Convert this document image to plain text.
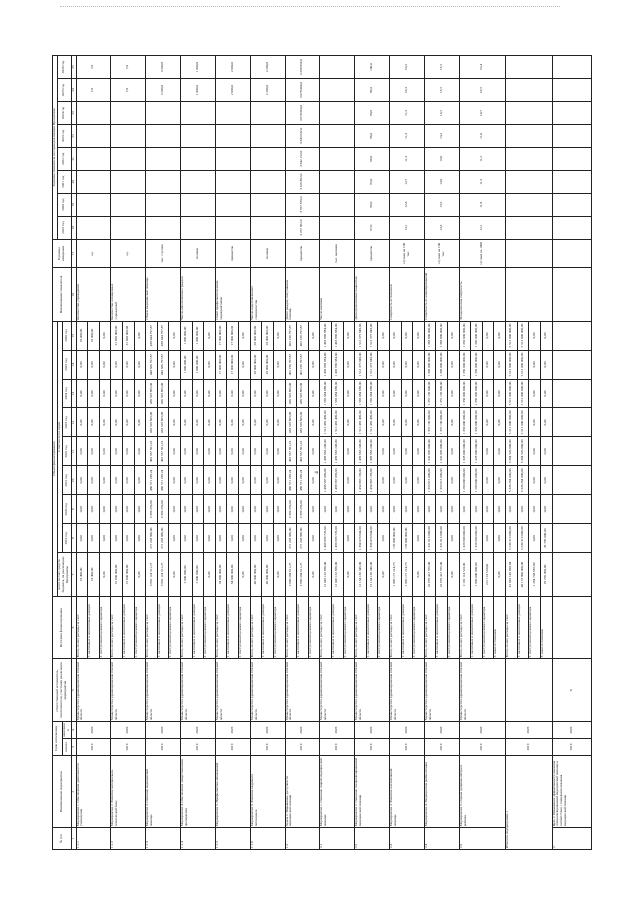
4
№ п/п	Наименование мероприятия	Срок исполнения		Ответственный исполнитель, соисполнители, участники реализации мероприятия	Источник финансирования	Объем финансирования									Наименование показателя	Единица измерения	Значение показателя по годам реализации Программы							
						всего за счет средств бюджета, на реализацию Программы	в том числе по годам										2019 год	2020 год	2021 год	2022 год	2023 год	2024 год	2025 год	2026 год
		начала	окончания				2019 год	2020 год	2021 год	2022 год	2023 год	2024 год	2025 год	2026 год										
1	2	3	4	5	6	7	8	9	10	11	12	13	14	15	16	17	18	19	20	21	22	23	24	25
1.1.1	Мероприятие 1. Обеспечение деятельности учреждения	2019	2026	Министерство здравоохранения Омской области	Всего, из них расходы за счет:	18 400,00	0,00	0,00	0,00	0,00	0,00	0,00	0,00	18 400,00	Количество учреждений	ед.							7,0	7,0
					1. налоговых и неналоговых доходов	18 400,00	0,00	0,00	0,00	0,00	0,00	0,00	0,00	18 400,00										
					2. поступлений целевого характера	0,00	0,00	0,00	0,00	0,00	0,00	0,00	0,00	0,00										
1.1.2	Мероприятие 2. Развитие материально-технической базы	2019	2026	Министерство здравоохранения Омской области	Всего, из них расходы за счет:	31 600 000,00	0,00	0,00	0,00	0,00	0,00	0,00	0,00	31 600 000,00	Количество оснащенных учреждений	ед.							7,0	7,0
					1. налоговых и неналоговых доходов	31 600 000,00	0,00	0,00	0,00	0,00	0,00	0,00	0,00	31 600 000,00										
					2. поступлений целевого характера	0,00	0,00	0,00	0,00	0,00	0,00	0,00	0,00	0,00										
1.1.3	Мероприятие 3. Оказание медицинской помощи	2019	2026	Министерство здравоохранения Омской области	Всего, из них расходы за счет:	3 992 124 511,27	271 203 886,00	3 399 256,00	486 571 298,24	483 537 851,23	439 529 865,08	439 529 865,08	440 566 797,87	438 444 797,87	Объем медицинской помощи	тыс. случаев							3 500,0	3 500,0
					1. налоговых и неналоговых доходов	3 992 124 511,27	271 203 886,00	3 399 256,00	486 571 298,24	483 537 851,23	439 529 865,08	439 529 865,08	440 566 797,87	438 444 797,87										
					2. поступлений целевого характера	0,00	0,00	0,00	0,00	0,00	0,00	0,00	0,00	0,00										
1.1.4	Мероприятие 4. Обеспечение лекарственными препаратами	2019	2026	Министерство здравоохранения Омской области	Всего, из них расходы за счет:	2 000 000,00	0,00	0,00	0,00	0,00	0,00	0,00	1 000 000,00	1 000 000,00	Число обеспеченных граждан	человек							1 000,0	1 000,0
					1. налоговых и неналоговых доходов	2 000 000,00	0,00	0,00	0,00	0,00	0,00	0,00	1 000 000,00	1 000 000,00										
					2. поступлений целевого характера	0,00	0,00	0,00	0,00	0,00	0,00	0,00	0,00	0,00										
1.1.5	Мероприятие 5. Профилактика заболеваний	2019	2026	Министерство здравоохранения Омской области	Всего, из них расходы за счет:	34 000 000,00	0,00	0,00	0,00	0,00	0,00	0,00	17 000 000,00	17 000 000,00	Охват профилактическими мероприятиями	процентов							2 000,0	2 000,0
					1. налоговых и неналоговых доходов	34 000 000,00	0,00	0,00	0,00	0,00	0,00	0,00	17 000 000,00	17 000 000,00										
					2. поступлений целевого характера	0,00	0,00	0,00	0,00	0,00	0,00	0,00	0,00	0,00										
1.1.6	Мероприятие 6. Развитие кадрового потенциала	2019	2026	Министерство здравоохранения Омской области	Всего, из них расходы за счет:	40 000 000,00	0,00	0,00	0,00	0,00	0,00	0,00	20 000 000,00	20 000 000,00	Число подготовленных специалистов	человек							2 200,0	2 200,0
					1. налоговых и неналоговых доходов	40 000 000,00	0,00	0,00	0,00	0,00	0,00	0,00	20 000 000,00	20 000 000,00										
					2. поступлений целевого характера	0,00	0,00	0,00	0,00	0,00	0,00	0,00	0,00	0,00										
1.2	Задача 2. Повышение доступности медицинской помощи	2019	2026	Министерство здравоохранения Омской области	Всего, из них расходы за счет:	2 960 284 611,27	271 203 886,00	3 399 256,00	486 571 298,24	483 537 851,23	439 529 865,08	439 529 865,08	462 256 797,87	462 256 797,87	Доля граждан, получивших помощь	процентов	3 257 962,0	3 557 870,0	3 619 862,0	3 642 152,0	3 645 632,0	3 670 064,0	3 678 064,0	3 298 859,0
					1. налоговых и неналоговых доходов	2 960 284 611,27	271 203 886,00	3 399 256,00	486 571 298,24	483 537 851,23	439 529 865,08	439 529 865,08	462 256 797,87	462 256 797,87										
					2. поступлений целевого характера	0,00	0,00	0,00	0,00	0,00	0,00	0,00	0,00	0,00										
2.1	Мероприятие 1. Оказание скорой медицинской помощи	2019	2026	Министерство здравоохранения Омской области	Всего, из них расходы за счет:	12 045 132 969,00	1 496 996 729,00	0,00	1 488 587 086,00	1 499 963 248,00	1 512 465 409,00	1 565 084 689,00	1 493 969 984,00	1 493 969 984,00	Число вызовов	тыс. вызовов								
					1. налоговых и неналоговых доходов	12 045 132 969,00	1 496 996 729,00	0,00	1 488 587 086,00	1 499 963 248,00	1 512 465 409,00	1 565 084 689,00	1 493 969 984,00	1 493 969 984,00										
					2. поступлений целевого характера	0,00	0,00	0,00	0,00	0,00	0,00	0,00	0,00	0,00										
2.2	Мероприятие 2. Оказание специализированной медицинской помощи	2019	2026	Министерство здравоохранения Омской области	Всего, из них расходы за счет:	12 134 136 349,00	1 394 070 904,00	0,00	1 454 865 196,00	1 499 963 248,00	1 512 465 409,00	1 565 084 689,00	1 512 375 948,00	1 512 375 948,00	Доля пролеченных пациентов	процентов	97,0	96,0	95,0	96,0	96,0	96,0	96,0	100,0
					1. налоговых и неналоговых доходов	12 134 136 349,00	1 394 070 904,00	0,00	1 454 865 196,00	1 499 963 248,00	1 512 465 409,00	1 565 084 689,00	1 512 375 948,00	1 512 375 948,00										
					2. поступлений целевого характера	0,00	0,00	0,00	0,00	0,00	0,00	0,00	0,00	0,00										
2.3	Мероприятие 3. Развитие паллиативной помощи	2019	2026	Министерство здравоохранения Омской области	Всего, из них расходы за счет:	1 085 171 214,73	170 000 000,00	0,00	0,00	0,00	0,00	0,00	0,00	0,00	Смертность от болезней	случаев на 100 тыс.	13,1	12,8	12,7	11,3	11,3	11,3	10,3	10,5
					1. налоговых и неналоговых доходов	1 085 171 214,73	170 000 000,00	0,00	0,00	0,00	0,00	0,00	0,00	0,00										
					2. поступлений целевого характера	0,00	0,00	0,00	0,00	0,00	0,00	0,00	0,00	0,00										
2.4	Мероприятие 4. Медицинская реабилитация	2019	2026	Министерство здравоохранения Омской области	Всего, из них расходы за счет:	10 970 412 555,00	1 331 015 000,00	0,00	1 353 615 000,00	1 332 005 000,00	1 357 130 000,00	1 357 130 000,00	1 383 000 000,00	1 383 000 000,00	Смертность от новообразований	случаев на 100 тыс.	13,3	13,5	13,6	13,6	13,2	13,2	13,5	13,5
					1. налоговых и неналоговых доходов	10 970 412 555,00	1 331 015 000,00	0,00	1 353 615 000,00	1 332 005 000,00	1 357 130 000,00	1 357 130 000,00	1 383 000 000,00	1 383 000 000,00										
					2. поступлений целевого характера	0,00	0,00	0,00	0,00	0,00	0,00	0,00	0,00	0,00										
2.5	Мероприятие 5. Охрана здоровья матери и ребенка	2019	2026	Министерство здравоохранения Омской области	Всего, из них расходы за счет:	2 192 114 510,00	1 326 900 000,00	0,00	1 290 000 000,00	1 328 000 000,00	1 356 000 000,00	1 356 000 000,00	1 356 000 000,00	1 356 000 000,00	Младенческая смертность	случаев на 1000	12,1	11,8	11,5	11,2	11,0	10,7	10,5	10,4
					1. налоговых и неналоговых доходов	1 980 000 000,00	1 326 900 000,00	0,00	1 290 000 000,00	1 328 000 000,00	1 356 000 000,00	1 356 000 000,00	1 356 000 000,00	1 356 000 000,00										
					2. поступлений целевого характера	212 114 510,00	0,00	0,00	0,00	0,00	0,00	0,00	0,00	0,00										
					3. иных источников	0,00	0,00	0,00	0,00	0,00	0,00	0,00	0,00	0,00										
Итого по подпрограмме 1		2019	2026		Всего, из них расходы за счет:	41 892 149 990,84	5 236 519 000,00	0,00	5 336 264 000,00	5 394 520 000,00	5 512 000 000,00	5 512 000 000,00	5 512 000 000,00	5 512 000 000,00										
					1. налоговых и неналоговых доходов	40 173 800 000,00	5 236 519 000,00	0,00	5 336 264 000,00	5 394 520 000,00	5 512 000 000,00	5 512 000 000,00	5 512 000 000,00	5 512 000 000,00										
					2. поступлений целевого характера	1 264 743 987,00	0,00	0,00	0,00	0,00	0,00	0,00	0,00	0,00										
					3. иных источников	29 705 000,00	29 705 000,00	0,00	0,00	0,00	0,00	0,00	0,00	0,00										
2.	Цель 2. Повышение эффективности оказания специализированной медицинской помощи в соответствии с порядками оказания медицинской помощи	2019	2026	X																				
